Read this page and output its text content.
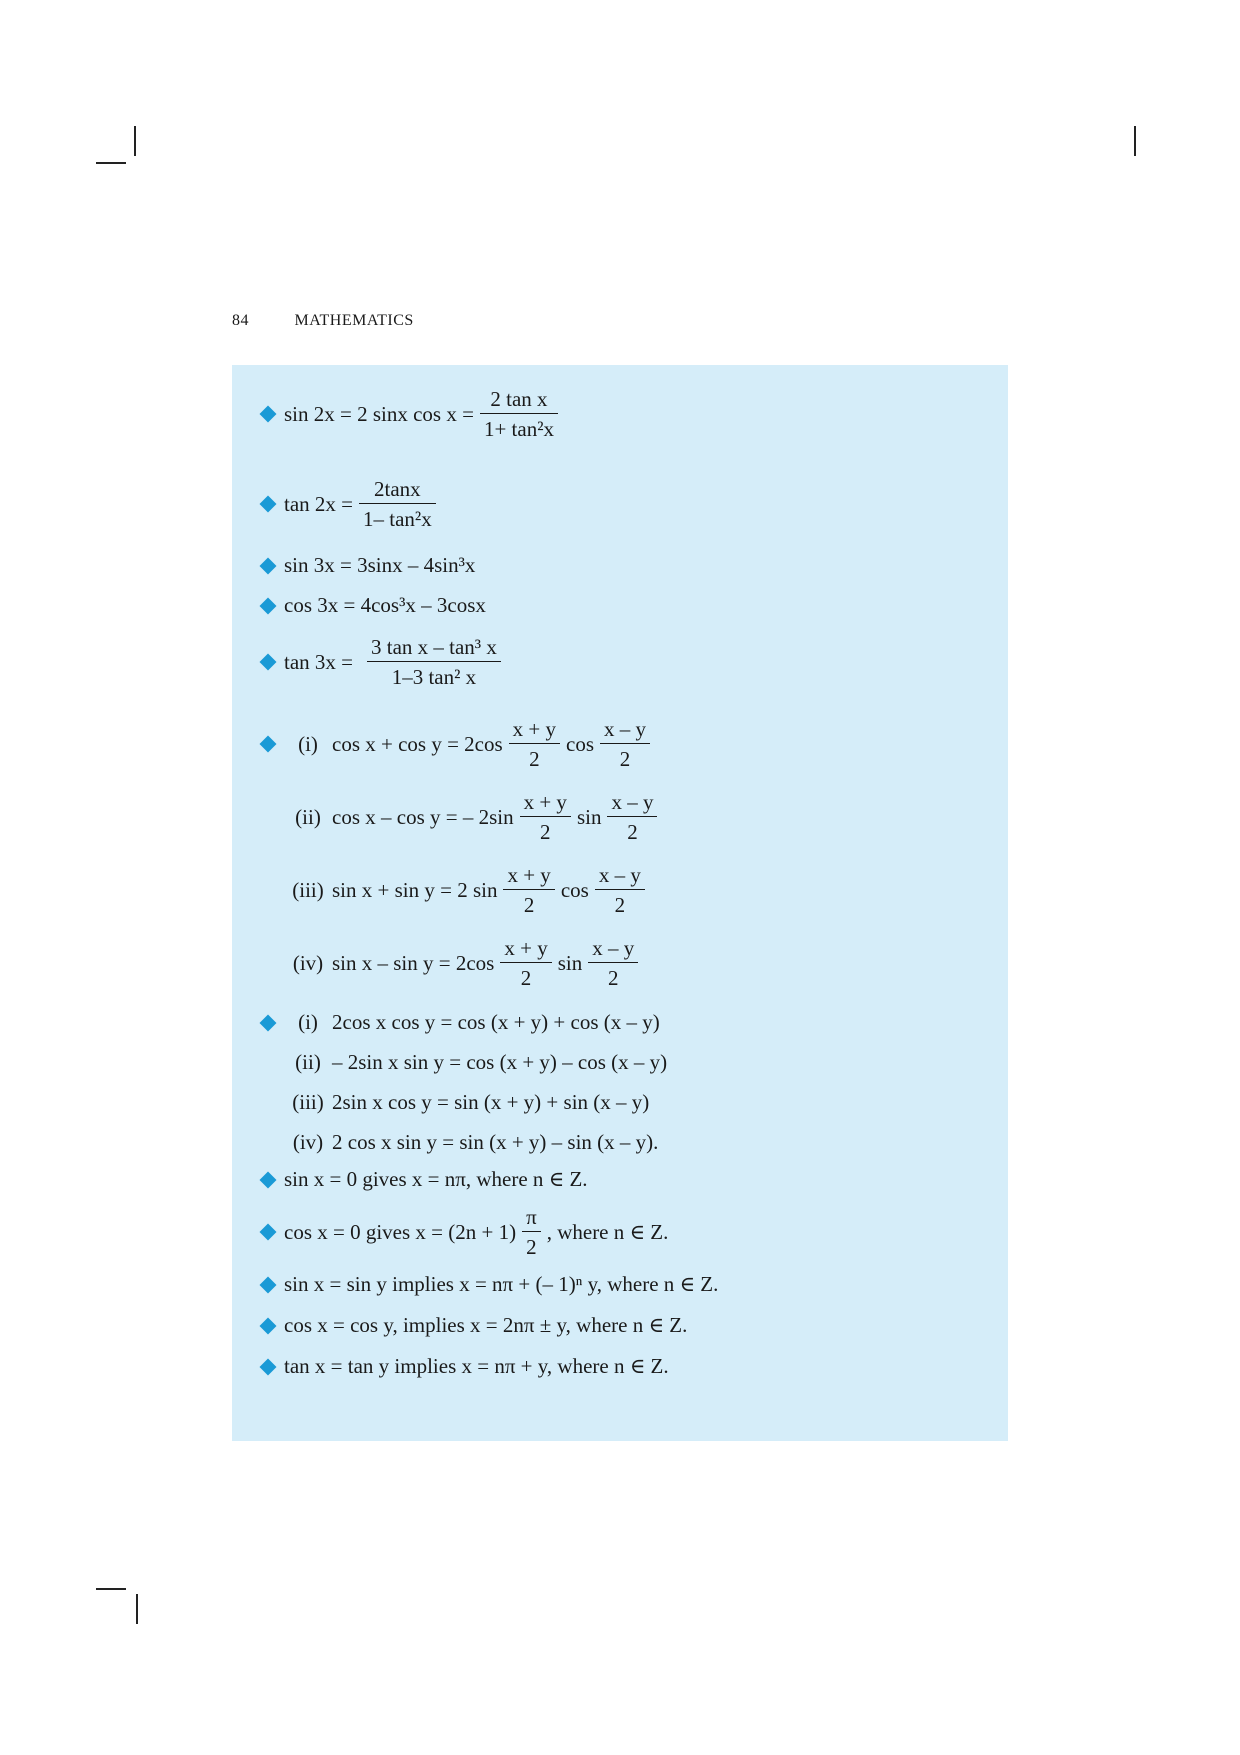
84	MATHEMATICS
sin 2x = 2 sinx $\cos x = \frac{\text{2 tan x}}{\text{1+ tan²x}}$
$\tan 2x = \frac{2\tan x}{\text{1– tan²x}}$
sin 3x = 3sinx – 4sin³x
cos 3x = 4cos³x – 3cosx
$\tan 3x = \frac{\text{3 tan x – tan³ x}}{\text{1–3 tan² x}}$
(i) $\cos x + \cos y = 2\cos \frac{x + y}{2}$ $\cos \frac{x - y}{2}$
(ii) cos x – cos y = – $2\sin \frac{x + y}{2}$ $\sin \frac{x - y}{2}$
(iii) sin x + sin y = 2 $\sin \frac{x + y}{2}$ $\cos \frac{x - y}{2}$
(iv) $\sin x - \sin y = 2\cos \frac{x + y}{2}$ $\sin \frac{x - y}{2}$
(i) 2cos x cos y = cos (x + y) + cos (x – y)
(ii) – 2sin x sin y = cos (x + y) – cos (x – y)
(iii) 2sin x cos y = sin (x + y) + sin (x – y)
(iv) 2 cos x sin y = sin (x + y) – sin (x – y).
sin x = 0 gives x = nπ, where n ∈ Z.
cos x = 0 gives $x = (2n + 1) \frac{\pi}{2}$ , where n ∈ Z.
sin x = sin y implies x = nπ + (– 1)ⁿ y, where n ∈ Z.
cos x = cos y, implies x = 2nπ ± y, where n ∈ Z.
tan x = tan y implies x = nπ + y, where n ∈ Z.
